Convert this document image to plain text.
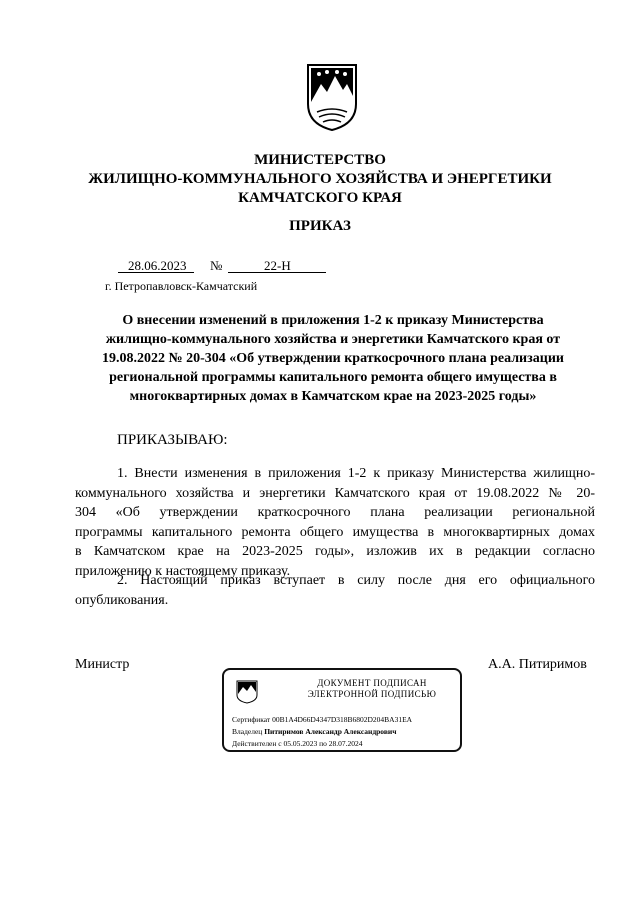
МИНИСТЕРСТВО
ЖИЛИЩНО-КОММУНАЛЬНОГО ХОЗЯЙСТВА И ЭНЕРГЕТИКИ
КАМЧАТСКОГО КРАЯ
ПРИКАЗ
28.06.2023 №	22-Н
г. Петропавловск-Камчатский
О внесении изменений в приложения 1-2 к приказу Министерства
жилищно-коммунального хозяйства и энергетики Камчатского края от
19.08.2022 № 20-304 «Об утверждении краткосрочного плана реализации
региональной программы капитального ремонта общего имущества в
многоквартирных домах в Камчатском крае на 2023-2025 годы»
ПРИКАЗЫВАЮ:
1. Внести изменения в приложения 1-2 к приказу Министерства жилищно-
коммунального хозяйства и энергетики Камчатского края от 19.08.2022 № 20-
304 «Об утверждении краткосрочного плана реализации региональной
программы капитального ремонта общего имущества в многоквартирных домах
в Камчатском крае на 2023-2025 годы», изложив их в редакции согласно
приложению к настоящему приказу.
2. Настоящий приказ вступает в силу после дня его официального
опубликования.
Министр	А.А. Питиримов
ДОКУМЕНТ ПОДПИСАН
ЭЛЕКТРОННОЙ ПОДПИСЬЮ
Сертификат 00B1A4D66D4347D318B6802D204BA31EA
Владелец Питиримов Александр Александрович
Действителен с 05.05.2023 по 28.07.2024
